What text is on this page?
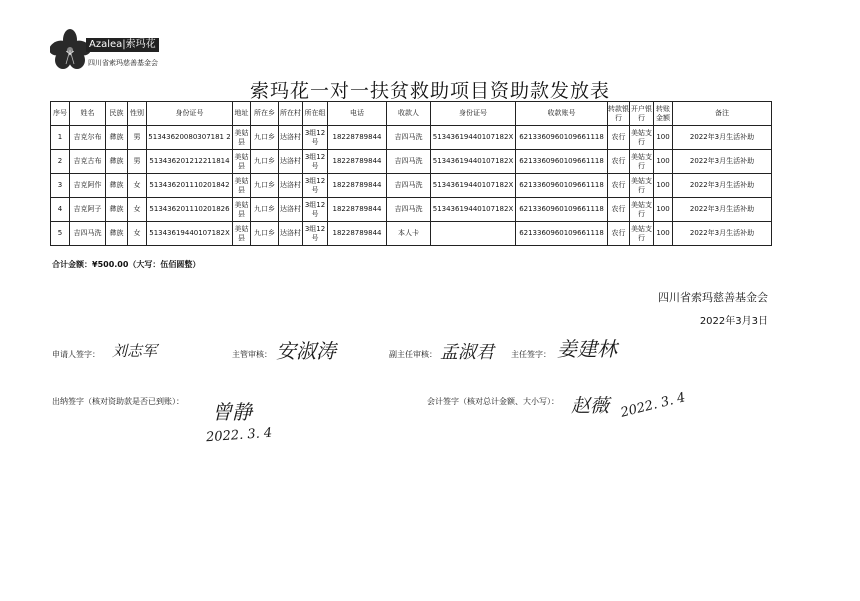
Azalea|索玛花
四川省索玛慈善基金会
索玛花一对一扶贫救助项目资助款发放表
序号	姓名	民族	性别	身份证号	地址	所在乡	所在村	所在组	电话	收款人	身份证号	收款账号	转款银行	开户银行	转账金额	备注
1	吉克尔布	彝族	男	51343620080307181 2	美姑县	九口乡	达洛村	3组12号	18228789844	吉四马洗	51343619440107182X	6213360960109661118	农行	美姑支行	100	2022年3月生活补助
2	吉克古布	彝族	男	513436201212211814	美姑县	九口乡	达洛村	3组12号	18228789844	吉四马洗	51343619440107182X	6213360960109661118	农行	美姑支行	100	2022年3月生活补助
3	吉克阿作	彝族	女	513436201110201842	美姑县	九口乡	达洛村	3组12号	18228789844	吉四马洗	51343619440107182X	6213360960109661118	农行	美姑支行	100	2022年3月生活补助
4	吉克阿子	彝族	女	513436201110201826	美姑县	九口乡	达洛村	3组12号	18228789844	吉四马洗	51343619440107182X	6213360960109661118	农行	美姑支行	100	2022年3月生活补助
5	吉四马洗	彝族	女	51343619440107182X	美姑县	九口乡	达洛村	3组12号	18228789844	本人卡		6213360960109661118	农行	美姑支行	100	2022年3月生活补助
合计金额：¥500.00（大写：伍佰圆整）
四川省索玛慈善基金会
2022年3月3日
申请人签字： 刘志军	主管审核： 安淑涛	副主任审核： 孟淑君 主任签字： 姜建林
出纳签字（核对资助款是否已到账）： 曾静
2022. 3. 4
会计签字（核对总计金额、大小写）： 赵薇 2022. 3. 4
